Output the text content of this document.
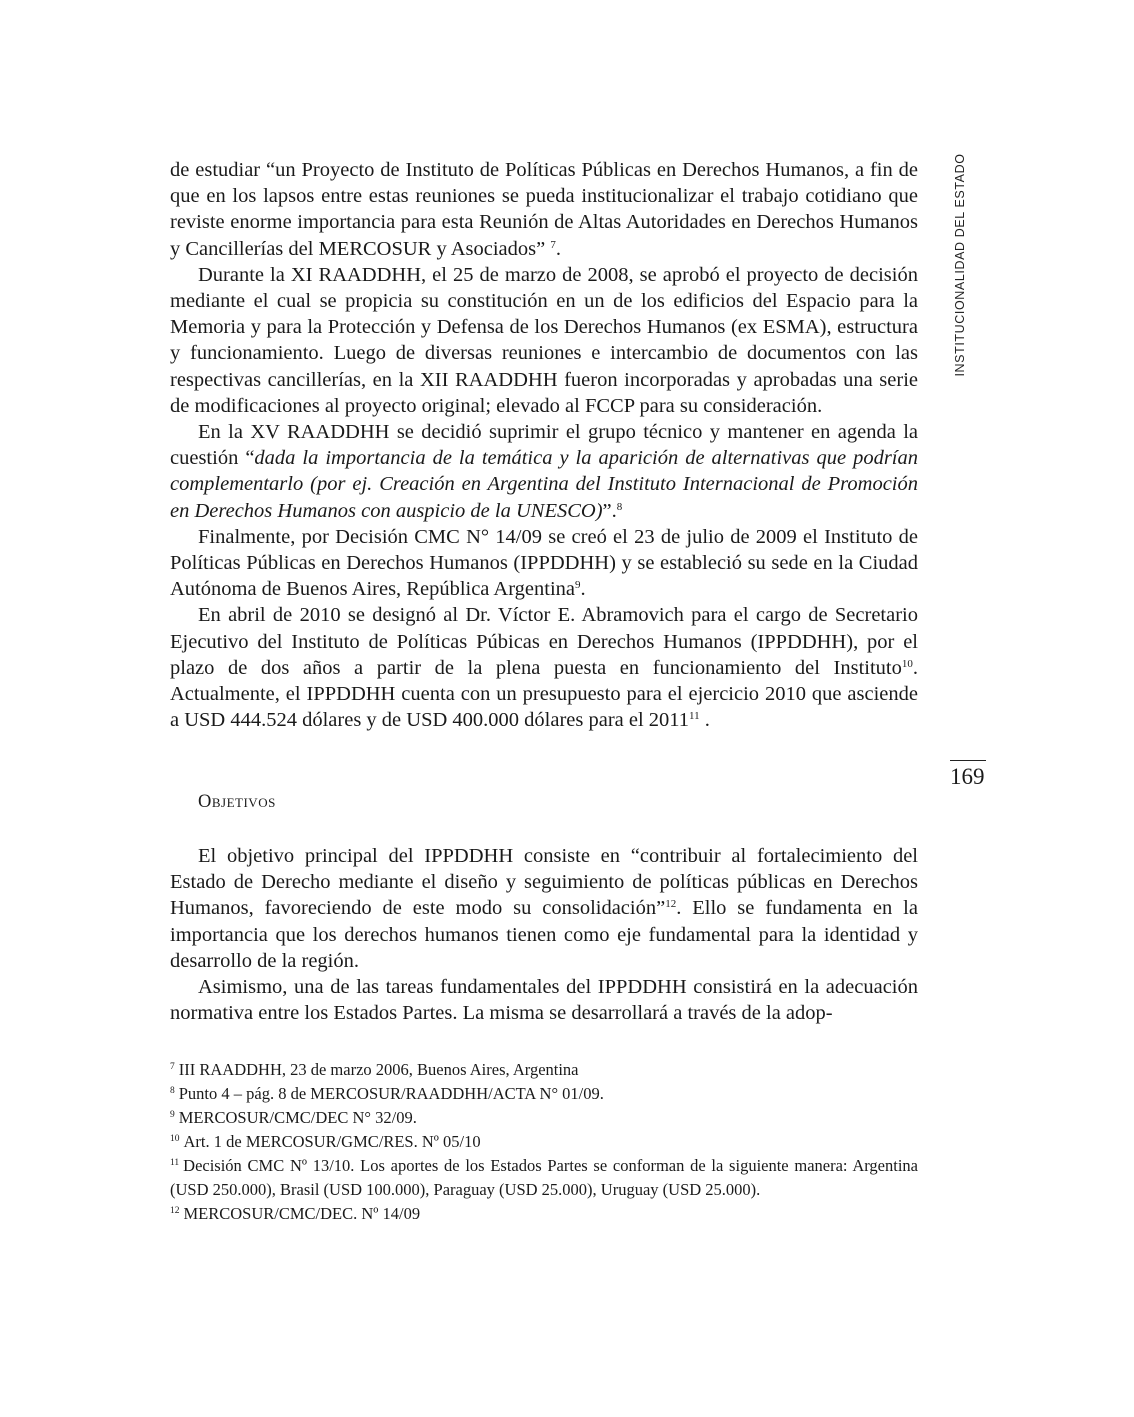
INSTITUCIONALIDAD DEL ESTADO
169

de estudiar “un Proyecto de Instituto de Políticas Públicas en Derechos Humanos, a fin de que en los lapsos entre estas reuniones se pueda institucionalizar el trabajo cotidiano que reviste enorme importancia para esta Reunión de Altas Autoridades en Derechos Humanos y Cancillerías del MERCOSUR y Asociados” $^7$.

Durante la XI RAADDHH, el 25 de marzo de 2008, se aprobó el proyecto de decisión mediante el cual se propicia su constitución en un de los edificios del Espacio para la Memoria y para la Protección y Defensa de los Derechos Humanos (ex ESMA), estructura y funcionamiento. Luego de diversas reuniones e intercambio de documentos con las respectivas cancillerías, en la XII RAADDHH fueron incorporadas y aprobadas una serie de modificaciones al proyecto original; elevado al FCCP para su consideración.

En la XV RAADDHH se decidió suprimir el grupo técnico y mantener en agenda la cuestión “dada la importancia de la temática y la aparición de alternativas que podrían complementarlo (por ej. Creación en Argentina del Instituto Internacional de Promoción en Derechos Humanos con auspicio de la UNESCO)”.$^8$

Finalmente, por Decisión CMC N° 14/09 se creó el 23 de julio de 2009 el Instituto de Políticas Públicas en Derechos Humanos (IPPDDHH) y se estableció su sede en la Ciudad Autónoma de Buenos Aires, República Argentina$^9$.

En abril de 2010 se designó al Dr. Víctor E. Abramovich para el cargo de Secretario Ejecutivo del Instituto de Políticas Púbicas en Derechos Humanos (IPPDDHH), por el plazo de dos años a partir de la plena puesta en funcionamiento del Instituto$^{10}$. Actualmente, el IPPDDHH cuenta con un presupuesto para el ejercicio 2010 que asciende a USD 444.524 dólares y de USD 400.000 dólares para el 2011$^{11}$ .

Objetivos

El objetivo principal del IPPDDHH consiste en “contribuir al fortalecimiento del Estado de Derecho mediante el diseño y seguimiento de políticas públicas en Derechos Humanos, favoreciendo de este modo su consolidación”$^{12}$. Ello se fundamenta en la importancia que los derechos humanos tienen como eje fundamental para la identidad y desarrollo de la región.

Asimismo, una de las tareas fundamentales del IPPDDHH consistirá en la adecuación normativa entre los Estados Partes. La misma se desarrollará a través de la adop-

$^7$ III RAADDHH, 23 de marzo 2006, Buenos Aires, Argentina

$^8$ Punto 4 – pág. 8 de MERCOSUR/RAADDHH/ACTA N° 01/09.

$^9$ MERCOSUR/CMC/DEC N° 32/09.

$^{10}$ Art. 1 de MERCOSUR/GMC/RES. Nº 05/10

$^{11}$ Decisión CMC Nº 13/10. Los aportes de los Estados Partes se conforman de la siguiente manera: Argentina (USD 250.000), Brasil (USD 100.000), Paraguay (USD 25.000), Uruguay (USD 25.000).

$^{12}$ MERCOSUR/CMC/DEC. Nº 14/09
